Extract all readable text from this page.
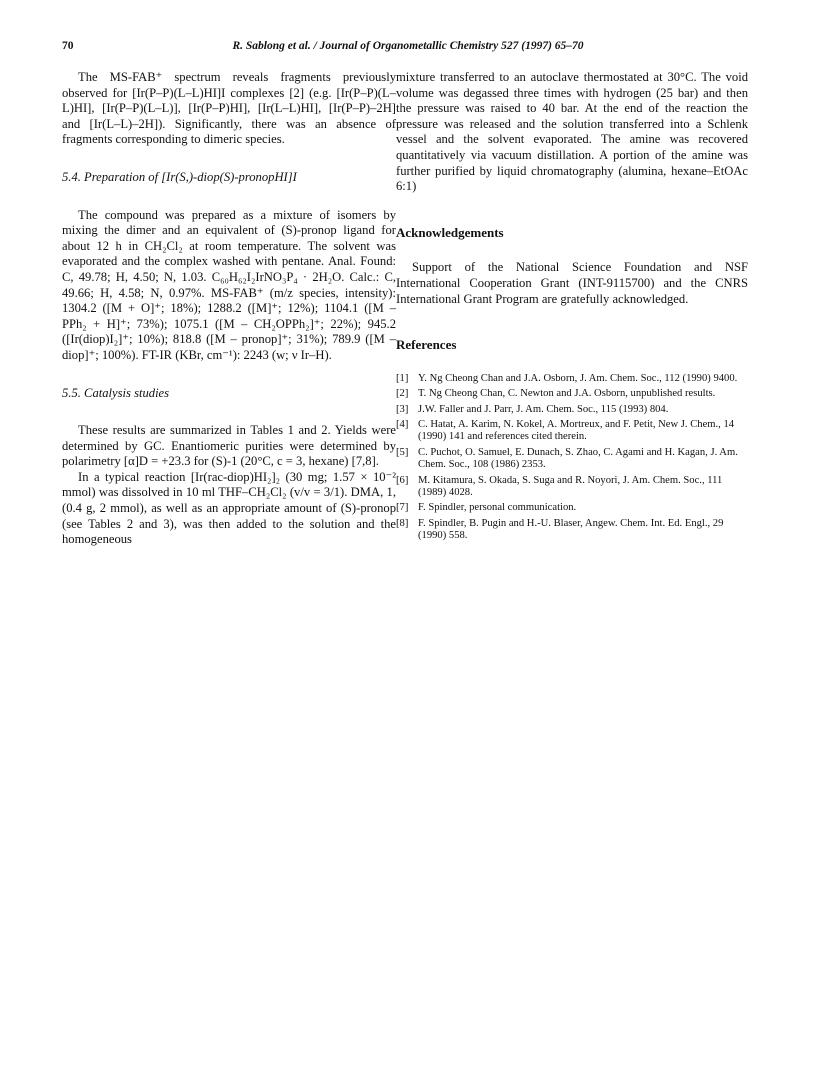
70	R. Sablong et al. / Journal of Organometallic Chemistry 527 (1997) 65–70

The MS-FAB⁺ spectrum reveals fragments previously observed for [Ir(P–P)(L–L)HI]I complexes [2] (e.g. [Ir(P–P)(L–L)HI], [Ir(P–P)(L–L)], [Ir(P–P)HI], [Ir(L–L)HI], [Ir(P–P)–2H] and [Ir(L–L)–2H]). Significantly, there was an absence of fragments corresponding to dimeric species.

5.4. Preparation of [Ir(S,)-diop(S)-pronopHI]I

The compound was prepared as a mixture of isomers by mixing the dimer and an equivalent of (S)-pronop ligand for about 12 h in CH₂Cl₂ at room temperature. The solvent was evaporated and the complex washed with pentane. Anal. Found: C, 49.78; H, 4.50; N, 1.03. C₆₀H₆₂I₂IrNO₃P₄ · 2H₂O. Calc.: C, 49.66; H, 4.58; N, 0.97%. MS-FAB⁺ (m/z species, intensity): 1304.2 ([M + O]⁺; 18%); 1288.2 ([M]⁺; 12%); 1104.1 ([M – PPh₂ + H]⁺; 73%); 1075.1 ([M – CH₂OPPh₂]⁺; 22%); 945.2 ([Ir(diop)I₂]⁺; 10%); 818.8 ([M – pronop]⁺; 31%); 789.9 ([M – diop]⁺; 100%). FT-IR (KBr, cm⁻¹): 2243 (w; ν Ir–H).

5.5. Catalysis studies

These results are summarized in Tables 1 and 2. Yields were determined by GC. Enantiomeric purities were determined by polarimetry [α]D = +23.3 for (S)-1 (20°C, c = 3, hexane) [7,8].

In a typical reaction [Ir(rac-diop)HI₂]₂ (30 mg; 1.57 × 10⁻² mmol) was dissolved in 10 ml THF–CH₂Cl₂ (v/v = 3/1). DMA, 1, (0.4 g, 2 mmol), as well as an appropriate amount of (S)-pronop (see Tables 2 and 3), was then added to the solution and the homogeneous

mixture transferred to an autoclave thermostated at 30°C. The void volume was degassed three times with hydrogen (25 bar) and then the pressure was raised to 40 bar. At the end of the reaction the pressure was released and the solution transferred into a Schlenk vessel and the solvent evaporated. The amine was recovered quantitatively via vacuum distillation. A portion of the amine was further purified by liquid chromatography (alumina, hexane–EtOAc 6:1)

Acknowledgements

Support of the National Science Foundation and NSF International Cooperation Grant (INT-9115700) and the CNRS International Grant Program are gratefully acknowledged.

References

[1] Y. Ng Cheong Chan and J.A. Osborn, J. Am. Chem. Soc., 112 (1990) 9400.
[2] T. Ng Cheong Chan, C. Newton and J.A. Osborn, unpublished results.
[3] J.W. Faller and J. Parr, J. Am. Chem. Soc., 115 (1993) 804.
[4] C. Hatat, A. Karim, N. Kokel, A. Mortreux, and F. Petit, New J. Chem., 14 (1990) 141 and references cited therein.
[5] C. Puchot, O. Samuel, E. Dunach, S. Zhao, C. Agami and H. Kagan, J. Am. Chem. Soc., 108 (1986) 2353.
[6] M. Kitamura, S. Okada, S. Suga and R. Noyori, J. Am. Chem. Soc., 111 (1989) 4028.
[7] F. Spindler, personal communication.
[8] F. Spindler, B. Pugin and H.-U. Blaser, Angew. Chem. Int. Ed. Engl., 29 (1990) 558.
